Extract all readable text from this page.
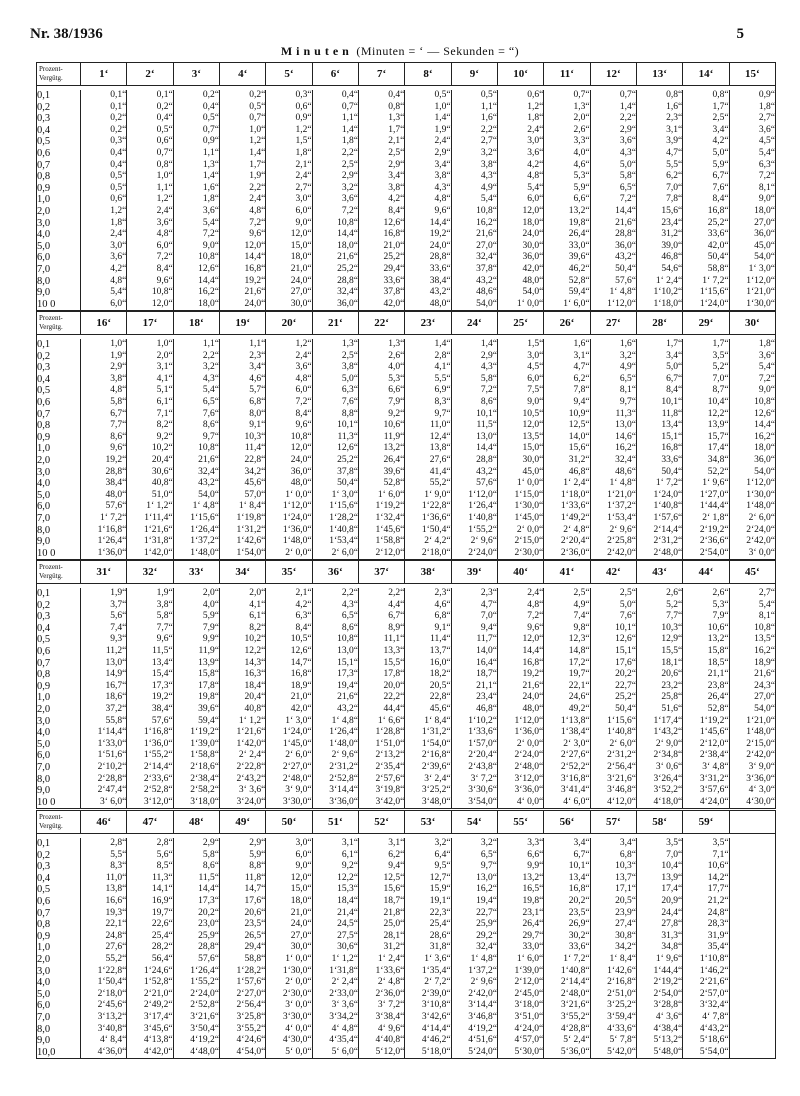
Nr. 38/1936	5
Minuten (Minuten = ‘ — Sekunden = “)
Prozent-Vergütg.	1‘	2‘	3‘	4‘	5‘	6‘	7‘	8‘	9‘	10‘	11‘	12‘	13‘	14‘	15‘

0,1	0,1“	0,1“	0,2“	0,2“	0,3“	0,4“	0,4“	0,5“	0,5“	0,6“	0,7“	0,7“	0,8“	0,8“	0,9“
0,2	0,1“	0,2“	0,4“	0,5“	0,6“	0,7“	0,8“	1,0“	1,1“	1,2“	1,3“	1,4“	1,6“	1,7“	1,8“
0,3	0,2“	0,4“	0,5“	0,7“	0,9“	1,1“	1,3“	1,4“	1,6“	1,8“	2,0“	2,2“	2,3“	2,5“	2,7“
0,4	0,2“	0,5“	0,7“	1,0“	1,2“	1,4“	1,7“	1,9“	2,2“	2,4“	2,6“	2,9“	3,1“	3,4“	3,6“
0,5	0,3“	0,6“	0,9“	1,2“	1,5“	1,8“	2,1“	2,4“	2,7“	3,0“	3,3“	3,6“	3,9“	4,2“	4,5“
0,6	0,4“	0,7“	1,1“	1,4“	1,8“	2,2“	2,5“	2,9“	3,2“	3,6“	4,0“	4,3“	4,7“	5,0“	5,4“
0,7	0,4“	0,8“	1,3“	1,7“	2,1“	2,5“	2,9“	3,4“	3,8“	4,2“	4,6“	5,0“	5,5“	5,9“	6,3“
0,8	0,5“	1,0“	1,4“	1,9“	2,4“	2,9“	3,4“	3,8“	4,3“	4,8“	5,3“	5,8“	6,2“	6,7“	7,2“
0,9	0,5“	1,1“	1,6“	2,2“	2,7“	3,2“	3,8“	4,3“	4,9“	5,4“	5,9“	6,5“	7,0“	7,6“	8,1“
1,0	0,6“	1,2“	1,8“	2,4“	3,0“	3,6“	4,2“	4,8“	5,4“	6,0“	6,6“	7,2“	7,8“	8,4“	9,0“
2,0	1,2“	2,4“	3,6“	4,8“	6,0“	7,2“	8,4“	9,6“	10,8“	12,0“	13,2“	14,4“	15,6“	16,8“	18,0“
3,0	1,8“	3,6“	5,4“	7,2“	9,0“	10,8“	12,6“	14,4“	16,2“	18,0“	19,8“	21,6“	23,4“	25,2“	27,0“
4,0	2,4“	4,8“	7,2“	9,6“	12,0“	14,4“	16,8“	19,2“	21,6“	24,0“	26,4“	28,8“	31,2“	33,6“	36,0“
5,0	3,0“	6,0“	9,0“	12,0“	15,0“	18,0“	21,0“	24,0“	27,0“	30,0“	33,0“	36,0“	39,0“	42,0“	45,0“
6,0	3,6“	7,2“	10,8“	14,4“	18,0“	21,6“	25,2“	28,8“	32,4“	36,0“	39,6“	43,2“	46,8“	50,4“	54,0“
7,0	4,2“	8,4“	12,6“	16,8“	21,0“	25,2“	29,4“	33,6“	37,8“	42,0“	46,2“	50,4“	54,6“	58,8“	1‘ 3,0“
8,0	4,8“	9,6“	14,4“	19,2“	24,0“	28,8“	33,6“	38,4“	43,2“	48,0“	52,8“	57,6“	1‘ 2,4“	1‘ 7,2“	1‘12,0“
9,0	5,4“	10,8“	16,2“	21,6“	27,0“	32,4“	37,8“	43,2“	48,6“	54,0“	59,4“	1‘ 4,8“	1‘10,2“	1‘15,6“	1‘21,0“
10 0	6,0“	12,0“	18,0“	24,0“	30,0“	36,0“	42,0“	48,0“	54,0“	1‘ 0,0“	1‘ 6,0“	1‘12,0“	1‘18,0“	1‘24,0“	1‘30,0“
Prozent-Vergütg.	16‘	17‘	18‘	19‘	20‘	21‘	22‘	23‘	24‘	25‘	26‘	27‘	28‘	29‘	30‘

0,1	1,0“	1,0“	1,1“	1,1“	1,2“	1,3“	1,3“	1,4“	1,4“	1,5“	1,6“	1,6“	1,7“	1,7“	1,8“
0,2	1,9“	2,0“	2,2“	2,3“	2,4“	2,5“	2,6“	2,8“	2,9“	3,0“	3,1“	3,2“	3,4“	3,5“	3,6“
0,3	2,9“	3,1“	3,2“	3,4“	3,6“	3,8“	4,0“	4,1“	4,3“	4,5“	4,7“	4,9“	5,0“	5,2“	5,4“
0,4	3,8“	4,1“	4,3“	4,6“	4,8“	5,0“	5,3“	5,5“	5,8“	6,0“	6,2“	6,5“	6,7“	7,0“	7,2“
0,5	4,8“	5,1“	5,4“	5,7“	6,0“	6,3“	6,6“	6,9“	7,2“	7,5“	7,8“	8,1“	8,4“	8,7“	9,0“
0,6	5,8“	6,1“	6,5“	6,8“	7,2“	7,6“	7,9“	8,3“	8,6“	9,0“	9,4“	9,7“	10,1“	10,4“	10,8“
0,7	6,7“	7,1“	7,6“	8,0“	8,4“	8,8“	9,2“	9,7“	10,1“	10,5“	10,9“	11,3“	11,8“	12,2“	12,6“
0,8	7,7“	8,2“	8,6“	9,1“	9,6“	10,1“	10,6“	11,0“	11,5“	12,0“	12,5“	13,0“	13,4“	13,9“	14,4“
0,9	8,6“	9,2“	9,7“	10,3“	10,8“	11,3“	11,9“	12,4“	13,0“	13,5“	14,0“	14,6“	15,1“	15,7“	16,2“
1,0	9,6“	10,2“	10,8“	11,4“	12,0“	12,6“	13,2“	13,8“	14,4“	15,0“	15,6“	16,2“	16,8“	17,4“	18,0“
2,0	19,2“	20,4“	21,6“	22,8“	24,0“	25,2“	26,4“	27,6“	28,8“	30,0“	31,2“	32,4“	33,6“	34,8“	36,0“
3,0	28,8“	30,6“	32,4“	34,2“	36,0“	37,8“	39,6“	41,4“	43,2“	45,0“	46,8“	48,6“	50,4“	52,2“	54,0“
4,0	38,4“	40,8“	43,2“	45,6“	48,0“	50,4“	52,8“	55,2“	57,6“	1‘ 0,0“	1‘ 2,4“	1‘ 4,8“	1‘ 7,2“	1‘ 9,6“	1‘12,0“
5,0	48,0“	51,0“	54,0“	57,0“	1‘ 0,0“	1‘ 3,0“	1‘ 6,0“	1‘ 9,0“	1‘12,0“	1‘15,0“	1‘18,0“	1‘21,0“	1‘24,0“	1‘27,0“	1‘30,0“
6,0	57,6“	1‘ 1,2“	1‘ 4,8“	1‘ 8,4“	1‘12,0“	1‘15,6“	1‘19,2“	1‘22,8“	1‘26,4“	1‘30,0“	1‘33,6“	1‘37,2“	1‘40,8“	1‘44,4“	1‘48,0“
7,0	1‘ 7,2“	1‘11,4“	1‘15,6“	1‘19,8“	1‘24,0“	1‘28,2“	1‘32,4“	1‘36,6“	1‘40,8“	1‘45,0“	1‘49,2“	1‘53,4“	1‘57,6“	2‘ 1,8“	2‘ 6,0“
8,0	1‘16,8“	1‘21,6“	1‘26,4“	1‘31,2“	1‘36,0“	1‘40,8“	1‘45,6“	1‘50,4“	1‘55,2“	2‘ 0,0“	2‘ 4,8“	2‘ 9,6“	2‘14,4“	2‘19,2“	2‘24,0“
9,0	1‘26,4“	1‘31,8“	1‘37,2“	1‘42,6“	1‘48,0“	1‘53,4“	1‘58,8“	2‘ 4,2“	2‘ 9,6“	2‘15,0“	2‘20,4“	2‘25,8“	2‘31,2“	2‘36,6“	2‘42,0“
10 0	1‘36,0“	1‘42,0“	1‘48,0“	1‘54,0“	2‘ 0,0“	2‘ 6,0“	2‘12,0“	2‘18,0“	2‘24,0“	2‘30,0“	2‘36,0“	2‘42,0“	2‘48,0“	2‘54,0“	3‘ 0,0“
Prozent-Vergütg.	31‘	32‘	33‘	34‘	35‘	36‘	37‘	38‘	39‘	40‘	41‘	42‘	43‘	44‘	45‘

0,1	1,9“	1,9“	2,0“	2,0“	2,1“	2,2“	2,2“	2,3“	2,3“	2,4“	2,5“	2,5“	2,6“	2,6“	2,7“
0,2	3,7“	3,8“	4,0“	4,1“	4,2“	4,3“	4,4“	4,6“	4,7“	4,8“	4,9“	5,0“	5,2“	5,3“	5,4“
0,3	5,6“	5,8“	5,9“	6,1“	6,3“	6,5“	6,7“	6,8“	7,0“	7,2“	7,4“	7,6“	7,7“	7,9“	8,1“
0,4	7,4“	7,7“	7,9“	8,2“	8,4“	8,6“	8,9“	9,1“	9,4“	9,6“	9,8“	10,1“	10,3“	10,6“	10,8“
0,5	9,3“	9,6“	9,9“	10,2“	10,5“	10,8“	11,1“	11,4“	11,7“	12,0“	12,3“	12,6“	12,9“	13,2“	13,5“
0,6	11,2“	11,5“	11,9“	12,2“	12,6“	13,0“	13,3“	13,7“	14,0“	14,4“	14,8“	15,1“	15,5“	15,8“	16,2“
0,7	13,0“	13,4“	13,9“	14,3“	14,7“	15,1“	15,5“	16,0“	16,4“	16,8“	17,2“	17,6“	18,1“	18,5“	18,9“
0,8	14,9“	15,4“	15,8“	16,3“	16,8“	17,3“	17,8“	18,2“	18,7“	19,2“	19,7“	20,2“	20,6“	21,1“	21,6“
0,9	16,7“	17,3“	17,8“	18,4“	18,9“	19,4“	20,0“	20,5“	21,1“	21,6“	22,1“	22,7“	23,2“	23,8“	24,3“
1,0	18,6“	19,2“	19,8“	20,4“	21,0“	21,6“	22,2“	22,8“	23,4“	24,0“	24,6“	25,2“	25,8“	26,4“	27,0“
2,0	37,2“	38,4“	39,6“	40,8“	42,0“	43,2“	44,4“	45,6“	46,8“	48,0“	49,2“	50,4“	51,6“	52,8“	54,0“
3,0	55,8“	57,6“	59,4“	1‘ 1,2“	1‘ 3,0“	1‘ 4,8“	1‘ 6,6“	1‘ 8,4“	1‘10,2“	1‘12,0“	1‘13,8“	1‘15,6“	1‘17,4“	1‘19,2“	1‘21,0“
4,0	1‘14,4“	1‘16,8“	1‘19,2“	1‘21,6“	1‘24,0“	1‘26,4“	1‘28,8“	1‘31,2“	1‘33,6“	1‘36,0“	1‘38,4“	1‘40,8“	1‘43,2“	1‘45,6“	1‘48,0“
5,0	1‘33,0“	1‘36,0“	1‘39,0“	1‘42,0“	1‘45,0“	1‘48,0“	1‘51,0“	1‘54,0“	1‘57,0“	2‘ 0,0“	2‘ 3,0“	2‘ 6,0“	2‘ 9,0“	2‘12,0“	2‘15,0“
6,0	1‘51,6“	1‘55,2“	1‘58,8“	2‘ 2,4“	2‘ 6,0“	2‘ 9,6“	2‘13,2“	2‘16,8“	2‘20,4“	2‘24,0“	2‘27,6“	2‘31,2“	2‘34,8“	2‘38,4“	2‘42,0“
7,0	2‘10,2“	2‘14,4“	2‘18,6“	2‘22,8“	2‘27,0“	2‘31,2“	2‘35,4“	2‘39,6“	2‘43,8“	2‘48,0“	2‘52,2“	2‘56,4“	3‘ 0,6“	3‘ 4,8“	3‘ 9,0“
8,0	2‘28,8“	2‘33,6“	2‘38,4“	2‘43,2“	2‘48,0“	2‘52,8“	2‘57,6“	3‘ 2,4“	3‘ 7,2“	3‘12,0“	3‘16,8“	3‘21,6“	3‘26,4“	3‘31,2“	3‘36,0“
9,0	2‘47,4“	2‘52,8“	2‘58,2“	3‘ 3,6“	3‘ 9,0“	3‘14,4“	3‘19,8“	3‘25,2“	3‘30,6“	3‘36,0“	3‘41,4“	3‘46,8“	3‘52,2“	3‘57,6“	4‘ 3,0“
10 0	3‘ 6,0“	3‘12,0“	3‘18,0“	3‘24,0“	3‘30,0“	3‘36,0“	3‘42,0“	3‘48,0“	3‘54,0“	4‘ 0,0“	4‘ 6,0“	4‘12,0“	4‘18,0“	4‘24,0“	4‘30,0“
Prozent-Vergütg.	46‘	47‘	48‘	49‘	50‘	51‘	52‘	53‘	54‘	55‘	56‘	57‘	58‘	59‘	

0,1	2,8“	2,8“	2,9“	2,9“	3,0“	3,1“	3,1“	3,2“	3,2“	3,3“	3,4“	3,4“	3,5“	3,5“	
0,2	5,5“	5,6“	5,8“	5,9“	6,0“	6,1“	6,2“	6,4“	6,5“	6,6“	6,7“	6,8“	7,0“	7,1“	
0,3	8,3“	8,5“	8,6“	8,8“	9,0“	9,2“	9,4“	9,5“	9,7“	9,9“	10,1“	10,3“	10,4“	10,6“	
0,4	11,0“	11,3“	11,5“	11,8“	12,0“	12,2“	12,5“	12,7“	13,0“	13,2“	13,4“	13,7“	13,9“	14,2“	
0,5	13,8“	14,1“	14,4“	14,7“	15,0“	15,3“	15,6“	15,9“	16,2“	16,5“	16,8“	17,1“	17,4“	17,7“	
0,6	16,6“	16,9“	17,3“	17,6“	18,0“	18,4“	18,7“	19,1“	19,4“	19,8“	20,2“	20,5“	20,9“	21,2“	
0,7	19,3“	19,7“	20,2“	20,6“	21,0“	21,4“	21,8“	22,3“	22,7“	23,1“	23,5“	23,9“	24,4“	24,8“	
0,8	22,1“	22,6“	23,0“	23,5“	24,0“	24,5“	25,0“	25,4“	25,9“	26,4“	26,9“	27,4“	27,8“	28,3“	
0,9	24,8“	25,4“	25,9“	26,5“	27,0“	27,5“	28,1“	28,6“	29,2“	29,7“	30,2“	30,8“	31,3“	31,9“	
1,0	27,6“	28,2“	28,8“	29,4“	30,0“	30,6“	31,2“	31,8“	32,4“	33,0“	33,6“	34,2“	34,8“	35,4“	
2,0	55,2“	56,4“	57,6“	58,8“	1‘ 0,0“	1‘ 1,2“	1‘ 2,4“	1‘ 3,6“	1‘ 4,8“	1‘ 6,0“	1‘ 7,2“	1‘ 8,4“	1‘ 9,6“	1‘10,8“	
3,0	1‘22,8“	1‘24,6“	1‘26,4“	1‘28,2“	1‘30,0“	1‘31,8“	1‘33,6“	1‘35,4“	1‘37,2“	1‘39,0“	1‘40,8“	1‘42,6“	1‘44,4“	1‘46,2“	
4,0	1‘50,4“	1‘52,8“	1‘55,2“	1‘57,6“	2‘ 0,0“	2‘ 2,4“	2‘ 4,8“	2‘ 7,2“	2‘ 9,6“	2‘12,0“	2‘14,4“	2‘16,8“	2‘19,2“	2‘21,6“	
5,0	2‘18,0“	2‘21,0“	2‘24,0“	2‘27,0“	2‘30,0“	2‘33,0“	2‘36,0“	2‘39,0“	2‘42,0“	2‘45,0“	2‘48,0“	2‘51,0“	2‘54,0“	2‘57,0“	
6,0	2‘45,6“	2‘49,2“	2‘52,8“	2‘56,4“	3‘ 0,0“	3‘ 3,6“	3‘ 7,2“	3‘10,8“	3‘14,4“	3‘18,0“	3‘21,6“	3‘25,2“	3‘28,8“	3‘32,4“	
7,0	3‘13,2“	3‘17,4“	3‘21,6“	3‘25,8“	3‘30,0“	3‘34,2“	3‘38,4“	3‘42,6“	3‘46,8“	3‘51,0“	3‘55,2“	3‘59,4“	4‘ 3,6“	4‘ 7,8“	
8,0	3‘40,8“	3‘45,6“	3‘50,4“	3‘55,2“	4‘ 0,0“	4‘ 4,8“	4‘ 9,6“	4‘14,4“	4‘19,2“	4‘24,0“	4‘28,8“	4‘33,6“	4‘38,4“	4‘43,2“	
9,0	4‘ 8,4“	4‘13,8“	4‘19,2“	4‘24,6“	4‘30,0“	4‘35,4“	4‘40,8“	4‘46,2“	4‘51,6“	4‘57,0“	5‘ 2,4“	5‘ 7,8“	5‘13,2“	5‘18,6“	
10,0	4‘36,0“	4‘42,0“	4‘48,0“	4‘54,0“	5‘ 0,0“	5‘ 6,0“	5‘12,0“	5‘18,0“	5‘24,0“	5‘30,0“	5‘36,0“	5‘42,0“	5‘48,0“	5‘54,0“	
